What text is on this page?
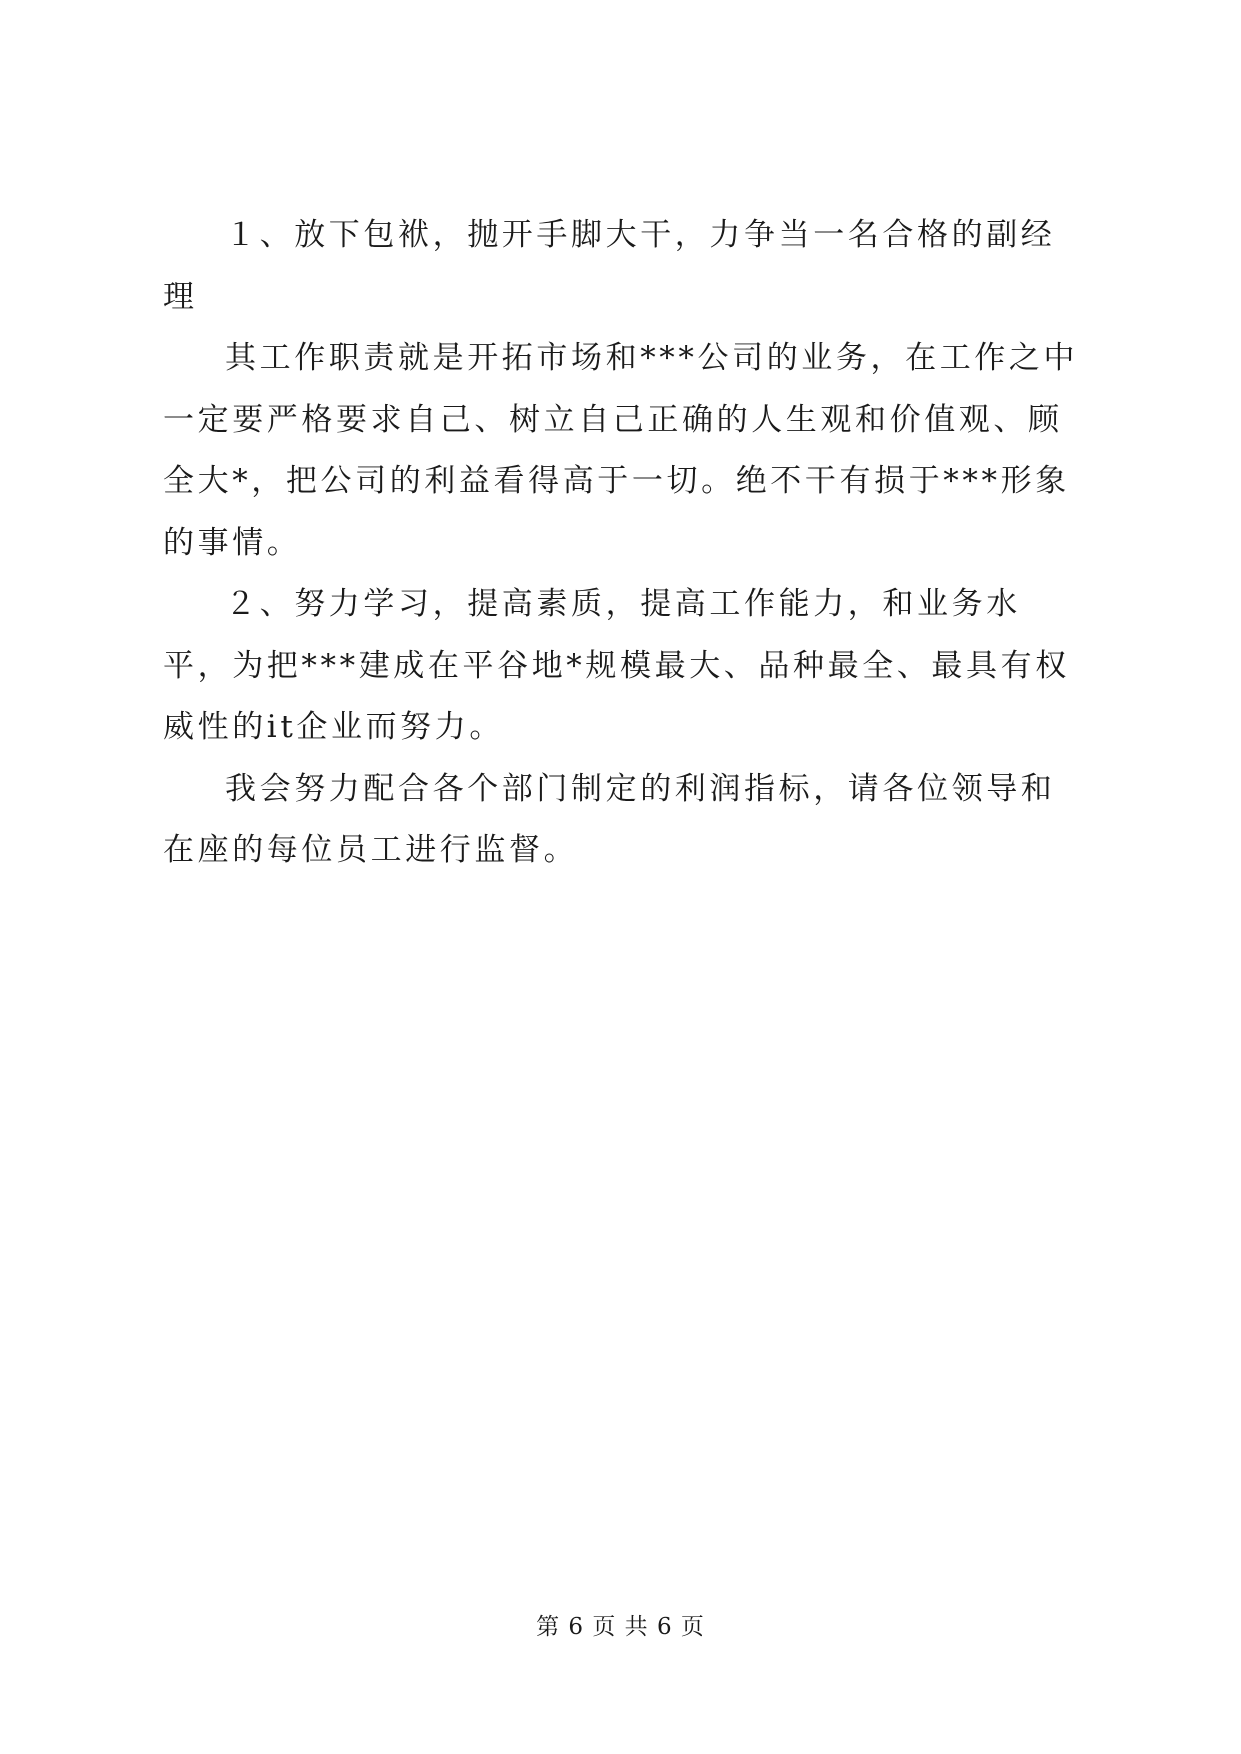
１、放下包袱，抛开手脚大干，力争当一名合格的副经理

其工作职责就是开拓市场和***公司的业务，在工作之中一定要严格要求自己、树立自己正确的人生观和价值观、顾全大*，把公司的利益看得高于一切。绝不干有损于***形象的事情。

２、努力学习，提高素质，提高工作能力，和业务水平，为把***建成在平谷地*规模最大、品种最全、最具有权威性的it企业而努力。

我会努力配合各个部门制定的利润指标，请各位领导和在座的每位员工进行监督。

第 6 页 共 6 页
